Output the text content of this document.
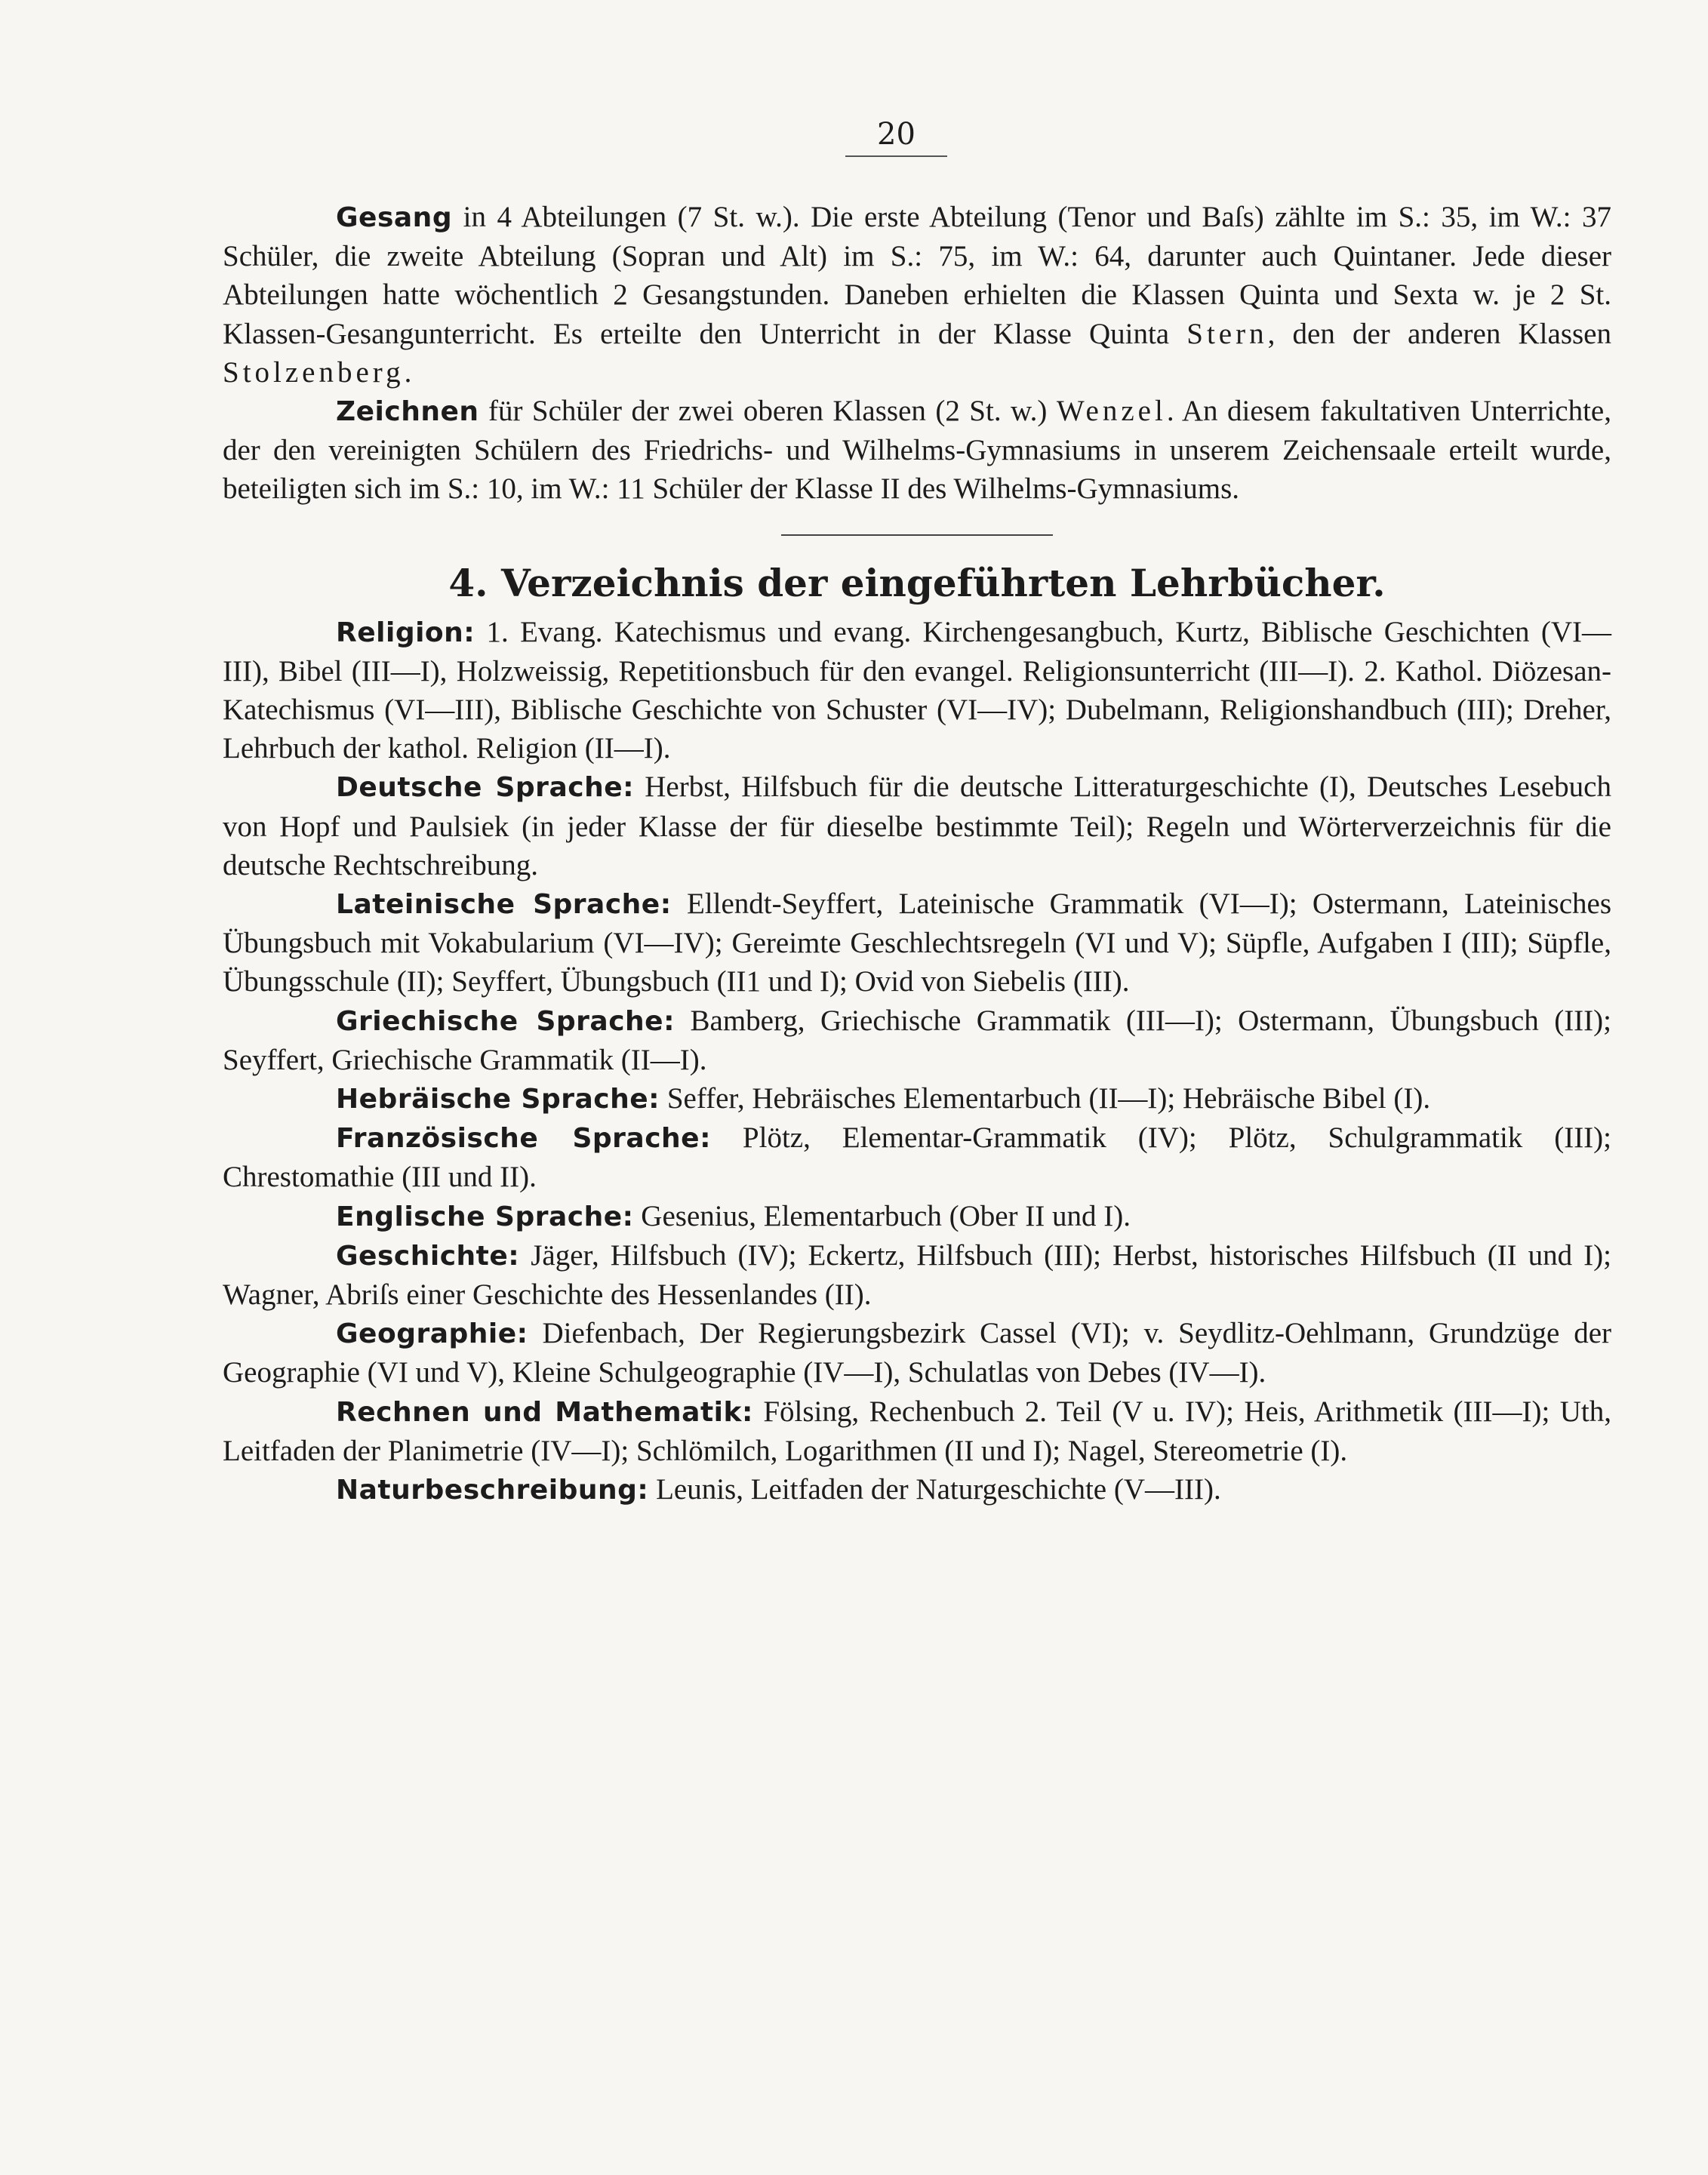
20

Gesang in 4 Abteilungen (7 St. w.). Die erste Abteilung (Tenor und Baſs) zählte im S.: 35, im W.: 37 Schüler, die zweite Abteilung (Sopran und Alt) im S.: 75, im W.: 64, darunter auch Quintaner. Jede dieser Abteilungen hatte wöchentlich 2 Gesangstunden. Daneben erhielten die Klassen Quinta und Sexta w. je 2 St. Klassen-Gesangunterricht. Es erteilte den Unterricht in der Klasse Quinta Stern, den der anderen Klassen Stolzenberg.

Zeichnen für Schüler der zwei oberen Klassen (2 St. w.) Wenzel. An diesem fakultativen Unterrichte, der den vereinigten Schülern des Friedrichs- und Wilhelms-Gymnasiums in unserem Zeichensaale erteilt wurde, beteiligten sich im S.: 10, im W.: 11 Schüler der Klasse II des Wilhelms-Gymnasiums.

4. Verzeichnis der eingeführten Lehrbücher.

Religion: 1. Evang. Katechismus und evang. Kirchengesangbuch, Kurtz, Biblische Geschichten (VI—III), Bibel (III—I), Holzweissig, Repetitionsbuch für den evangel. Religionsunterricht (III—I). 2. Kathol. Diözesan-Katechismus (VI—III), Biblische Geschichte von Schuster (VI—IV); Dubelmann, Religionshandbuch (III); Dreher, Lehrbuch der kathol. Religion (II—I).

Deutsche Sprache: Herbst, Hilfsbuch für die deutsche Litteraturgeschichte (I), Deutsches Lesebuch von Hopf und Paulsiek (in jeder Klasse der für dieselbe bestimmte Teil); Regeln und Wörterverzeichnis für die deutsche Rechtschreibung.

Lateinische Sprache: Ellendt-Seyffert, Lateinische Grammatik (VI—I); Ostermann, Lateinisches Übungsbuch mit Vokabularium (VI—IV); Gereimte Geschlechtsregeln (VI und V); Süpfle, Aufgaben I (III); Süpfle, Übungsschule (II); Seyffert, Übungsbuch (II1 und I); Ovid von Siebelis (III).

Griechische Sprache: Bamberg, Griechische Grammatik (III—I); Ostermann, Übungsbuch (III); Seyffert, Griechische Grammatik (II—I).

Hebräische Sprache: Seffer, Hebräisches Elementarbuch (II—I); Hebräische Bibel (I).

Französische Sprache: Plötz, Elementar-Grammatik (IV); Plötz, Schulgrammatik (III); Chrestomathie (III und II).

Englische Sprache: Gesenius, Elementarbuch (Ober II und I).

Geschichte: Jäger, Hilfsbuch (IV); Eckertz, Hilfsbuch (III); Herbst, historisches Hilfsbuch (II und I); Wagner, Abriſs einer Geschichte des Hessenlandes (II).

Geographie: Diefenbach, Der Regierungsbezirk Cassel (VI); v. Seydlitz-Oehlmann, Grundzüge der Geographie (VI und V), Kleine Schulgeographie (IV—I), Schulatlas von Debes (IV—I).

Rechnen und Mathematik: Fölsing, Rechenbuch 2. Teil (V u. IV); Heis, Arithmetik (III—I); Uth, Leitfaden der Planimetrie (IV—I); Schlömilch, Logarithmen (II und I); Nagel, Stereometrie (I).

Naturbeschreibung: Leunis, Leitfaden der Naturgeschichte (V—III).
